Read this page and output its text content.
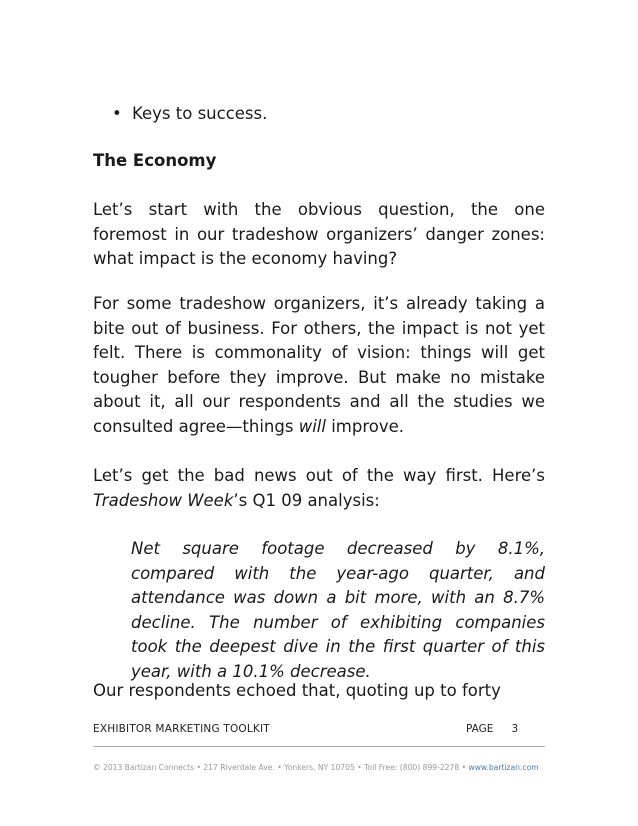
• Keys to success.
The Economy

Let’s start with the obvious question, the one foremost in our tradeshow organizers’ danger zones: what impact is the economy having?

For some tradeshow organizers, it’s already taking a bite out of business. For others, the impact is not yet felt. There is commonality of vision: things will get tougher before they improve. But make no mistake about it, all our respondents and all the studies we consulted agree—things will improve.

Let’s get the bad news out of the way first. Here’s Tradeshow Week’s Q1 09 analysis:

Net square footage decreased by 8.1%, compared with the year-ago quarter, and attendance was down a bit more, with an 8.7% decline. The number of exhibiting companies took the deepest dive in the first quarter of this year, with a 10.1% decrease.

Our respondents echoed that, quoting up to forty

EXHIBITOR MARKETING TOOLKIT	PAGE 3
© 2013 Bartizan Connects • 217 Riverdale Ave. • Yonkers, NY 10705 • Toll Free: (800) 899-2278 • www.bartizan.com
